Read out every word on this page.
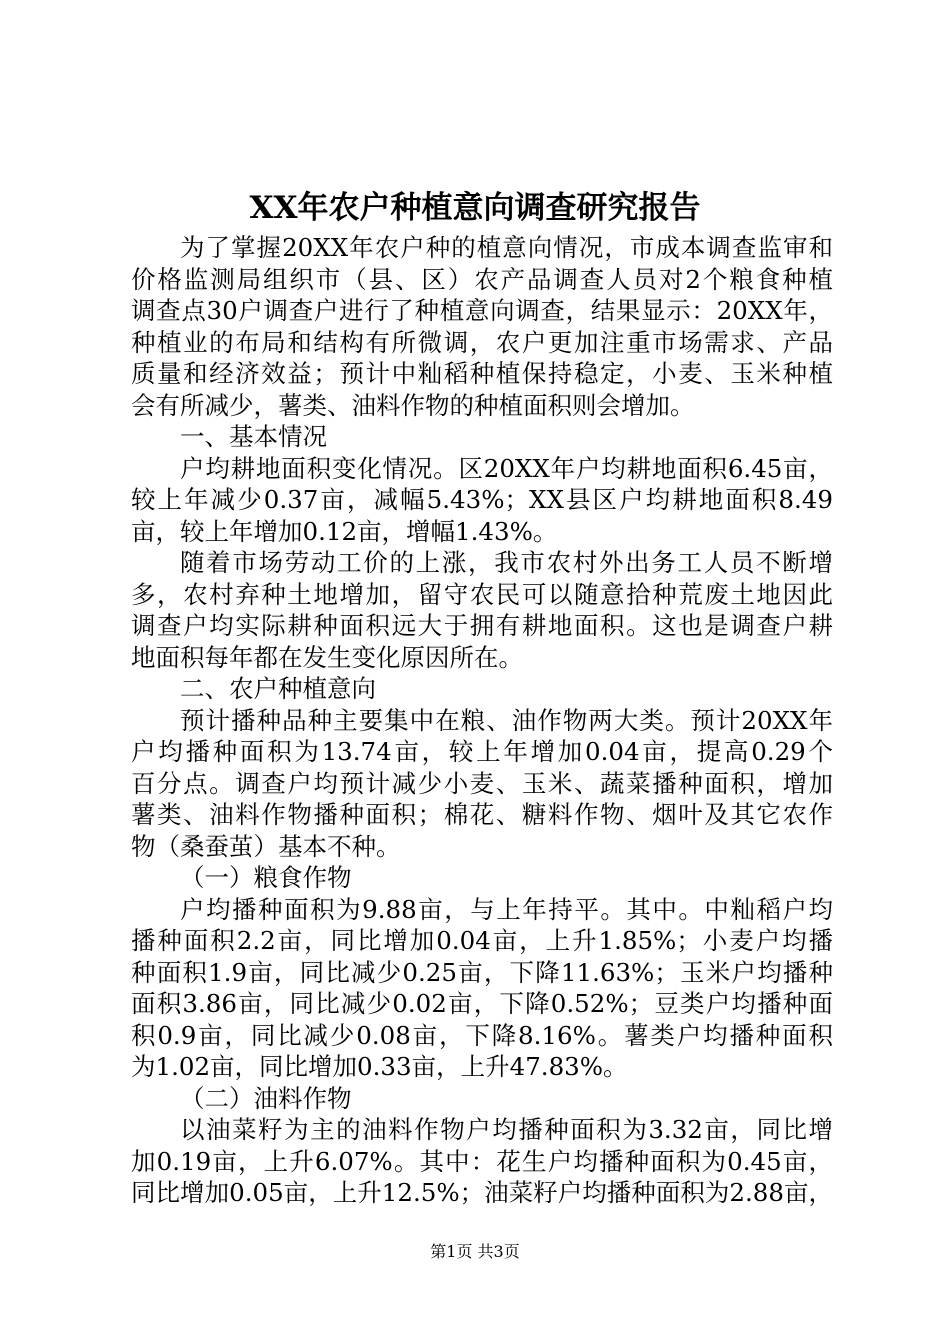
XX年农户种植意向调查研究报告
为了掌握20XX年农户种的植意向情况，市成本调查监审和
价格监测局组织市（县、区）农产品调查人员对2个粮食种植
调查点30户调查户进行了种植意向调查，结果显示：20XX年，
种植业的布局和结构有所微调，农户更加注重市场需求、产品
质量和经济效益；预计中籼稻种植保持稳定，小麦、玉米种植
会有所减少，薯类、油料作物的种植面积则会增加。
一、基本情况
户均耕地面积变化情况。区20XX年户均耕地面积6.45亩，
较上年减少0.37亩，减幅5.43%；XX县区户均耕地面积8.49
亩，较上年增加0.12亩，增幅1.43%。
随着市场劳动工价的上涨，我市农村外出务工人员不断增
多，农村弃种土地增加，留守农民可以随意拾种荒废土地因此
调查户均实际耕种面积远大于拥有耕地面积。这也是调查户耕
地面积每年都在发生变化原因所在。
二、农户种植意向
预计播种品种主要集中在粮、油作物两大类。预计20XX年
户均播种面积为13.74亩，较上年增加0.04亩，提高0.29个
百分点。调查户均预计减少小麦、玉米、蔬菜播种面积，增加
薯类、油料作物播种面积；棉花、糖料作物、烟叶及其它农作
物（桑蚕茧）基本不种。
（一）粮食作物
户均播种面积为9.88亩，与上年持平。其中。中籼稻户均
播种面积2.2亩，同比增加0.04亩，上升1.85%；小麦户均播
种面积1.9亩，同比减少0.25亩，下降11.63%；玉米户均播种
面积3.86亩，同比减少0.02亩，下降0.52%；豆类户均播种面
积0.9亩，同比减少0.08亩，下降8.16%。薯类户均播种面积
为1.02亩，同比增加0.33亩，上升47.83%。
（二）油料作物
以油菜籽为主的油料作物户均播种面积为3.32亩，同比增
加0.19亩，上升6.07%。其中：花生户均播种面积为0.45亩，
同比增加0.05亩，上升12.5%；油菜籽户均播种面积为2.88亩，
第1页 共3页
